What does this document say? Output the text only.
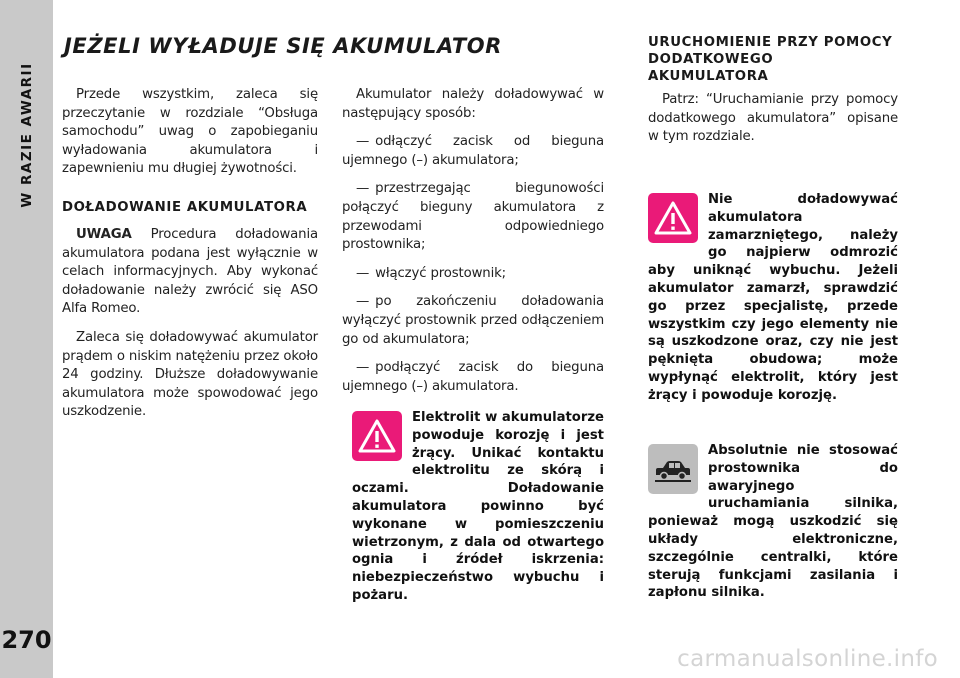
W RAZIE AWARII
270
JEŻELI WYŁADUJE SIĘ AKUMULATOR

Przede wszystkim, zaleca się przeczytanie w rozdziale “Obsługa samochodu” uwag o zapobieganiu wyładowania akumulatora i zapewnieniu mu długiej żywotności.

DOŁADOWANIE AKUMULATORA

UWAGA Procedura doładowania akumulatora podana jest wyłącznie w celach informacyjnych. Aby wykonać doładowanie należy zwrócić się ASO Alfa Romeo.

Zaleca się doładowywać akumulator prądem o niskim natężeniu przez około 24 godziny. Dłuższe doładowywanie akumulatora może spowodować jego uszkodzenie.

Akumulator należy doładowywać w następujący sposób:

— odłączyć zacisk od bieguna ujemnego (–) akumulatora;

— przestrzegając biegunowości połączyć bieguny akumulatora z przewodami odpowiedniego prostownika;

— włączyć prostownik;

— po zakończeniu doładowania wyłączyć prostownik przed odłączeniem go od akumulatora;

— podłączyć zacisk do bieguna ujemnego (–) akumulatora.

Elektrolit w akumulatorze powoduje korozję i jest żrący. Unikać kontaktu elektrolitu ze skórą i oczami. Doładowanie akumulatora powinno być wykonane w pomieszczeniu wietrzonym, z dala od otwartego ognia i źródeł iskrzenia: niebezpieczeństwo wybuchu i pożaru.
URUCHOMIENIE PRZY POMOCY DODATKOWEGO AKUMULATORA

Patrz: “Uruchamianie przy pomocy dodatkowego akumulatora” opisane w tym rozdziale.

Nie doładowywać akumulatora zamarzniętego, należy go najpierw odmrozić aby uniknąć wybuchu. Jeżeli akumulator zamarzł, sprawdzić go przez specjalistę, przede wszystkim czy jego elementy nie są uszkodzone oraz, czy nie jest pęknięta obudowa; może wypłynąć elektrolit, który jest żrący i powoduje korozję.
Absolutnie nie stosować prostownika do awaryjnego uruchamiania silnika, ponieważ mogą uszkodzić się układy elektroniczne, szczególnie centralki, które sterują funkcjami zasilania i zapłonu silnika.
carmanualsonline.info
